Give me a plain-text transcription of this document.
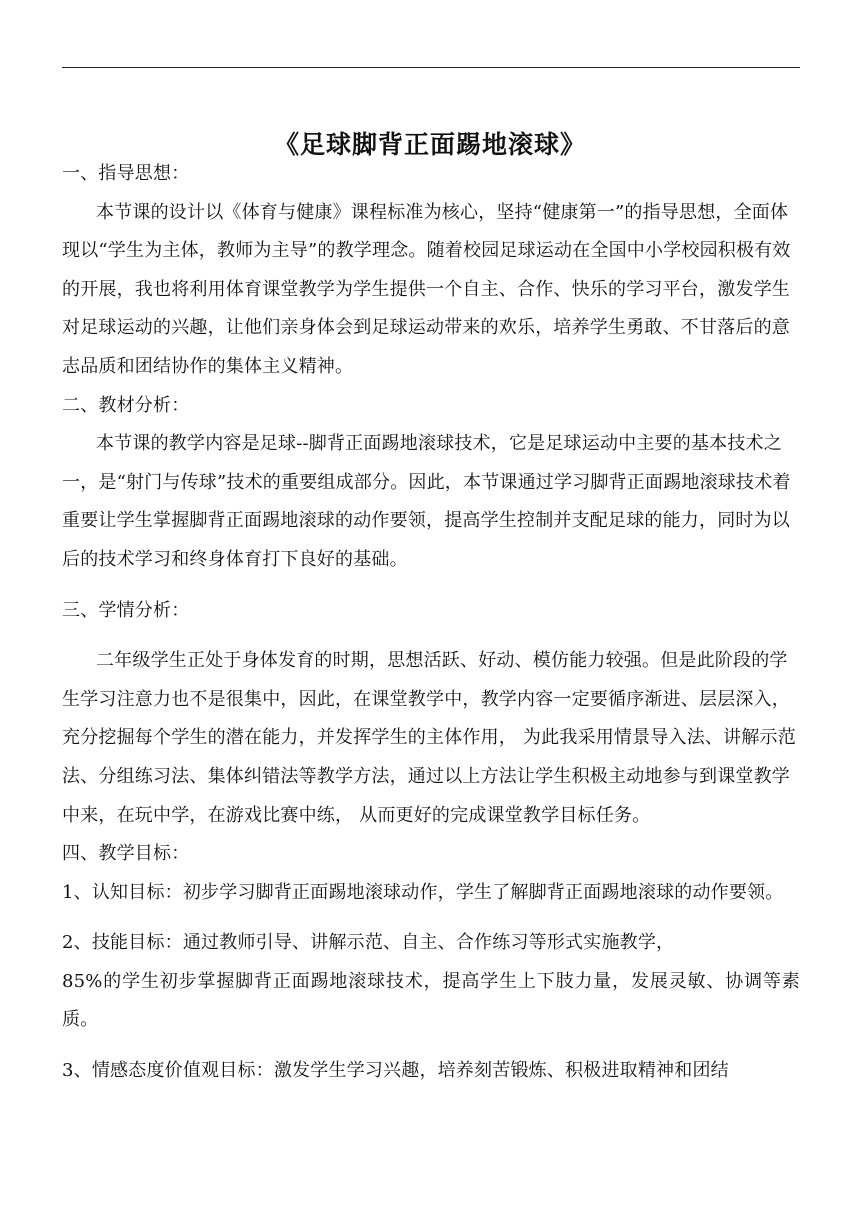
《足球脚背正面踢地滚球》

一、指导思想：

本节课的设计以《体育与健康》课程标准为核心，坚持“健康第一”的指导思想，全面体现以“学生为主体，教师为主导”的教学理念。随着校园足球运动在全国中小学校园积极有效的开展，我也将利用体育课堂教学为学生提供一个自主、合作、快乐的学习平台，激发学生对足球运动的兴趣，让他们亲身体会到足球运动带来的欢乐，培养学生勇敢、不甘落后的意志品质和团结协作的集体主义精神。

二、教材分析：

本节课的教学内容是足球--脚背正面踢地滚球技术，它是足球运动中主要的基本技术之一，是“射门与传球”技术的重要组成部分。因此，本节课通过学习脚背正面踢地滚球技术着重要让学生掌握脚背正面踢地滚球的动作要领，提高学生控制并支配足球的能力，同时为以后的技术学习和终身体育打下良好的基础。

三、学情分析：

二年级学生正处于身体发育的时期，思想活跃、好动、模仿能力较强。但是此阶段的学生学习注意力也不是很集中，因此，在课堂教学中，教学内容一定要循序渐进、层层深入，充分挖掘每个学生的潜在能力，并发挥学生的主体作用， 为此我采用情景导入法、讲解示范法、分组练习法、集体纠错法等教学方法，通过以上方法让学生积极主动地参与到课堂教学中来，在玩中学，在游戏比赛中练， 从而更好的完成课堂教学目标任务。

四、教学目标：

1、认知目标：初步学习脚背正面踢地滚球动作，学生了解脚背正面踢地滚球的动作要领。

2、技能目标：通过教师引导、讲解示范、自主、合作练习等形式实施教学，

85%的学生初步掌握脚背正面踢地滚球技术，提高学生上下肢力量，发展灵敏、协调等素质。

3、情感态度价值观目标：激发学生学习兴趣，培养刻苦锻炼、积极进取精神和团结
